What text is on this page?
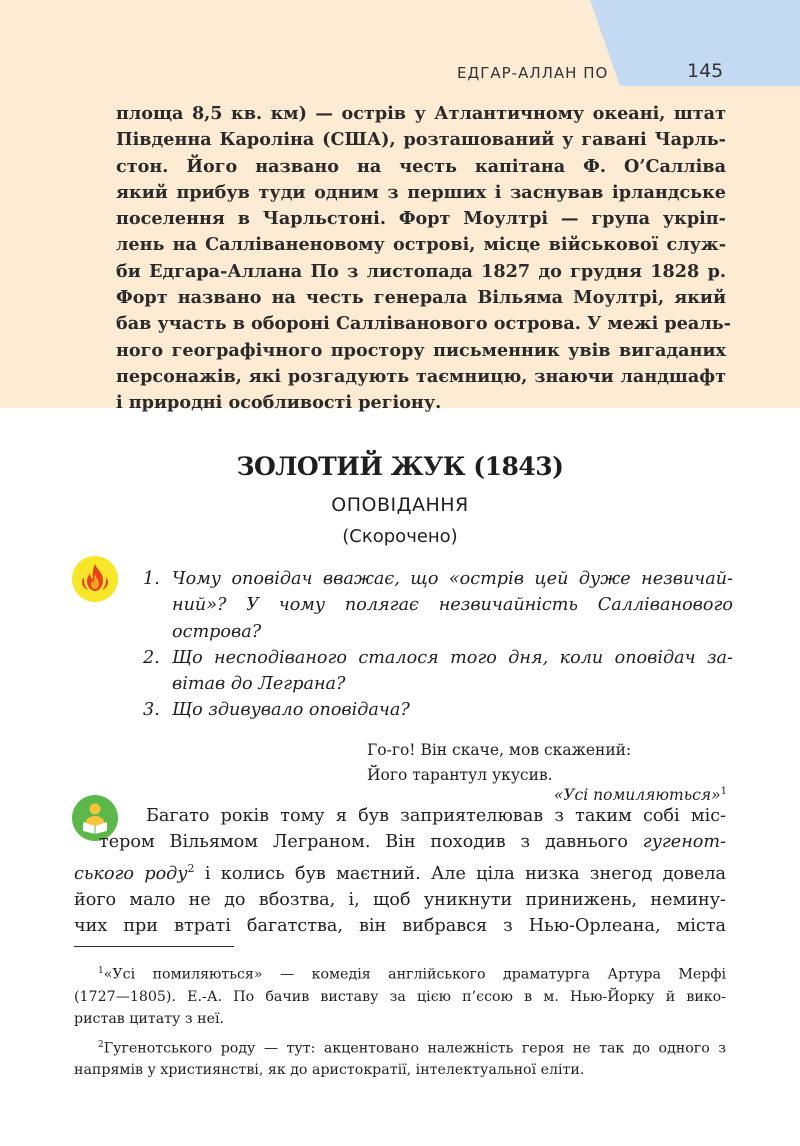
ЕДГАР-АЛЛАН ПО	145
площа 8,5 кв. км) — острів у Атлантичному океані, штат
Південна Кароліна (США), розташований у гавані Чарль-
стон. Його названо на честь капітана Ф. О’Салліва
який прибув туди одним з перших і заснував ірландське
поселення в Чарльстоні. Форт Моултрі — група укріп-
лень на Салліваненовому острові, місце військової служ-
би Едгара-Аллана По з листопада 1827 до грудня 1828 р.
Форт названо на честь генерала Вільяма Моултрі, який
бав участь в обороні Салліванового острова. У межі реаль-
ного географічного простору письменник увів вигаданих
персонажів, які розгадують таємницю, знаючи ландшафт
і природні особливості регіону.
ЗОЛОТИЙ ЖУК (1843)
ОПОВІДАННЯ
(Скорочено)
1. Чому оповідач вважає, що «острів цей дуже незвичай-
ний»? У чому полягає незвичайність Салліванового
острова?
2. Що несподіваного сталося того дня, коли оповідач за-
вітав до Леграна?
3. Що здивувало оповідача?
Го-го! Він скаче, мов скажений:
Його тарантул укусив.
«Усі помиляються»$^1$
Багато років тому я був заприятелював з таким собі міс-
тером Вільямом Леграном. Він походив з давнього гугенот-
ського роду$^2$ і колись був маєтний. Але ціла низка знегод довела
його мало не до вбозтва, і, щоб уникнути принижень, немину-
чих при втраті багатства, він вибрався з Нью-Орлеана, міста
$^1$«Усі помиляються» — комедія англійського драматурга Артура Мерфі
(1727—1805). Е.-А. По бачив виставу за цією п’єсою в м. Нью-Йорку й вико-
ристав цитату з неї.
$^2$Гугенотського роду — тут: акцентовано належність героя не так до одного з
напрямів у християнстві, як до аристократії, інтелектуальної еліти.
